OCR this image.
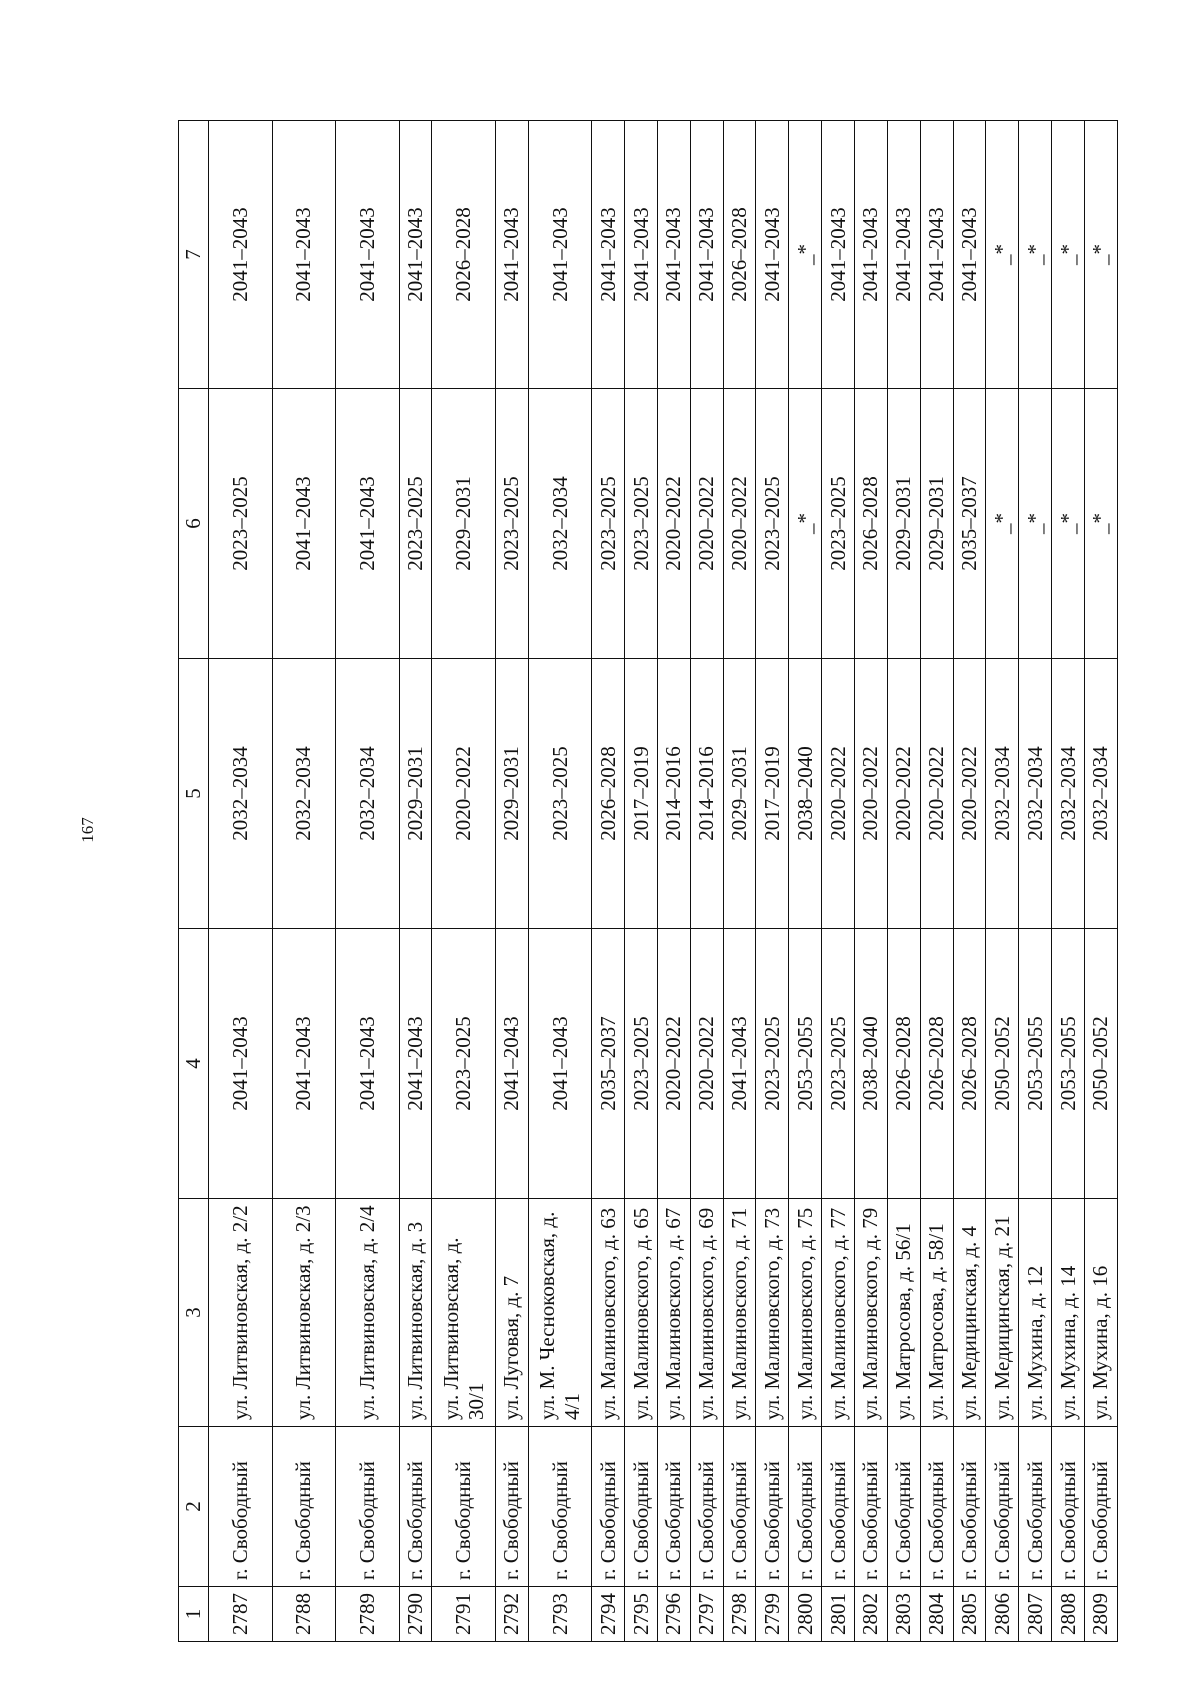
167
1	2	3	4	5	6	7
2787	г. Свободный	ул. Литвиновская, д. 2/2	2041–2043	2032–2034	2023–2025	2041–2043
2788	г. Свободный	ул. Литвиновская, д. 2/3	2041–2043	2032–2034	2041–2043	2041–2043
2789	г. Свободный	ул. Литвиновская, д. 2/4	2041–2043	2032–2034	2041–2043	2041–2043
2790	г. Свободный	ул. Литвиновская, д. 3	2041–2043	2029–2031	2023–2025	2041–2043
2791	г. Свободный	ул. Литвиновская, д. 30/1	2023–2025	2020–2022	2029–2031	2026–2028
2792	г. Свободный	ул. Луговая, д. 7	2041–2043	2029–2031	2023–2025	2041–2043
2793	г. Свободный	ул. М. Чесноковская, д. 4/1	2041–2043	2023–2025	2032–2034	2041–2043
2794	г. Свободный	ул. Малиновского, д. 63	2035–2037	2026–2028	2023–2025	2041–2043
2795	г. Свободный	ул. Малиновского, д. 65	2023–2025	2017–2019	2023–2025	2041–2043
2796	г. Свободный	ул. Малиновского, д. 67	2020–2022	2014–2016	2020–2022	2041–2043
2797	г. Свободный	ул. Малиновского, д. 69	2020–2022	2014–2016	2020–2022	2041–2043
2798	г. Свободный	ул. Малиновского, д. 71	2041–2043	2029–2031	2020–2022	2026–2028
2799	г. Свободный	ул. Малиновского, д. 73	2023–2025	2017–2019	2023–2025	2041–2043
2800	г. Свободный	ул. Малиновского, д. 75	2053–2055	2038–2040	_*	_*
2801	г. Свободный	ул. Малиновского, д. 77	2023–2025	2020–2022	2023–2025	2041–2043
2802	г. Свободный	ул. Малиновского, д. 79	2038–2040	2020–2022	2026–2028	2041–2043
2803	г. Свободный	ул. Матросова, д. 56/1	2026–2028	2020–2022	2029–2031	2041–2043
2804	г. Свободный	ул. Матросова, д. 58/1	2026–2028	2020–2022	2029–2031	2041–2043
2805	г. Свободный	ул. Медицинская, д. 4	2026–2028	2020–2022	2035–2037	2041–2043
2806	г. Свободный	ул. Медицинская, д. 21	2050–2052	2032–2034	_*	_*
2807	г. Свободный	ул. Мухина, д. 12	2053–2055	2032–2034	_*	_*
2808	г. Свободный	ул. Мухина, д. 14	2053–2055	2032–2034	_*	_*
2809	г. Свободный	ул. Мухина, д. 16	2050–2052	2032–2034	_*	_*
